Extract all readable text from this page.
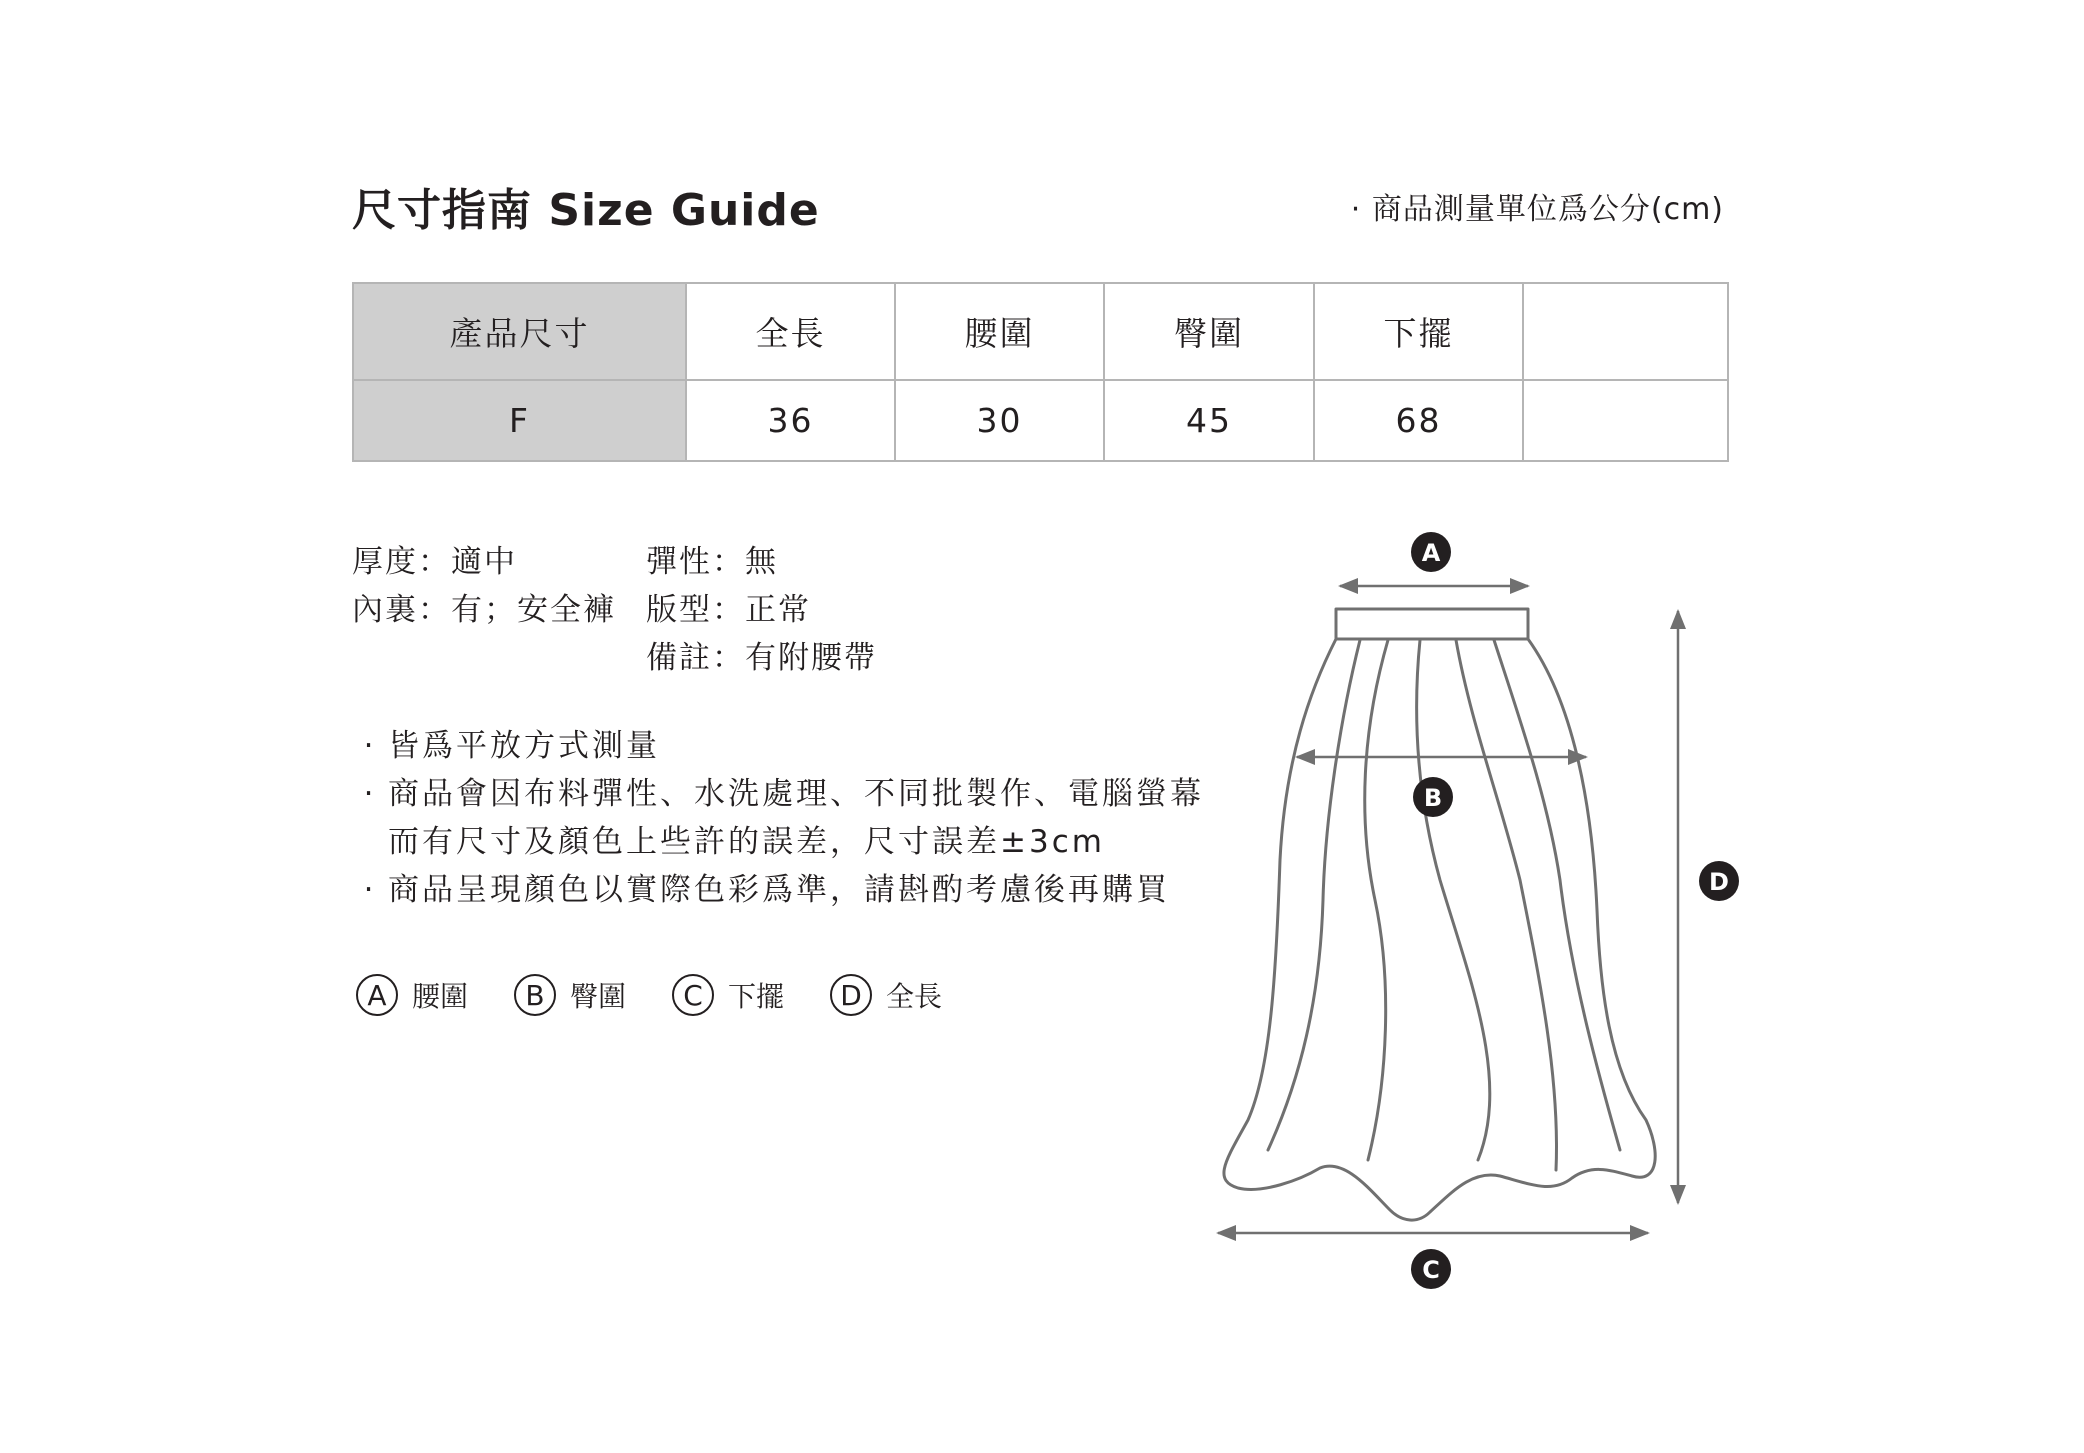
尺寸指南 Size Guide	· 商品測量單位爲公分(cm)
產品尺寸	全長	腰圍	臀圍	下擺	
F	36	30	45	68	
厚度：適中	彈性：無
內裏：有；安全褲 版型：正常
備註：有附腰帶
· 皆爲平放方式測量
· 商品會因布料彈性、水洗處理、不同批製作、電腦螢幕
而有尺寸及顏色上些許的誤差，尺寸誤差±3cm
· 商品呈現顏色以實際色彩爲準，請斟酌考慮後再購買
A 腰圍	B 臀圍	C 下擺	D 全長
A
B
C
D
